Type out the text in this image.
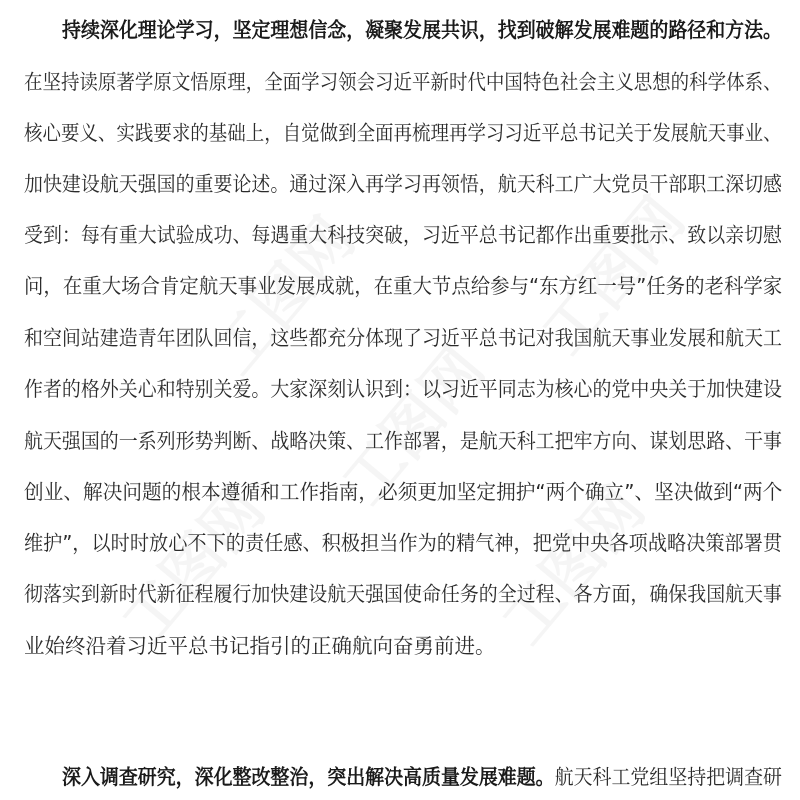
持续深化理论学习，坚定理想信念，凝聚发展共识，找到破解发展难题的路径和方法。
在坚持读原著学原文悟原理，全面学习领会习近平新时代中国特色社会主义思想的科学体系、
核心要义、实践要求的基础上，自觉做到全面再梳理再学习习近平总书记关于发展航天事业、
加快建设航天强国的重要论述。通过深入再学习再领悟，航天科工广大党员干部职工深切感
受到：每有重大试验成功、每遇重大科技突破，习近平总书记都作出重要批示、致以亲切慰
问，在重大场合肯定航天事业发展成就，在重大节点给参与“东方红一号”任务的老科学家
和空间站建造青年团队回信，这些都充分体现了习近平总书记对我国航天事业发展和航天工
作者的格外关心和特别关爱。大家深刻认识到：以习近平同志为核心的党中央关于加快建设
航天强国的一系列形势判断、战略决策、工作部署，是航天科工把牢方向、谋划思路、干事
创业、解决问题的根本遵循和工作指南，必须更加坚定拥护“两个确立”、坚决做到“两个
维护”，以时时放心不下的责任感、积极担当作为的精气神，把党中央各项战略决策部署贯
彻落实到新时代新征程履行加快建设航天强国使命任务的全过程、各方面，确保我国航天事
业始终沿着习近平总书记指引的正确航向奋勇前进。
深入调查研究，深化整改整治，突出解决高质量发展难题。航天科工党组坚持把调查研
